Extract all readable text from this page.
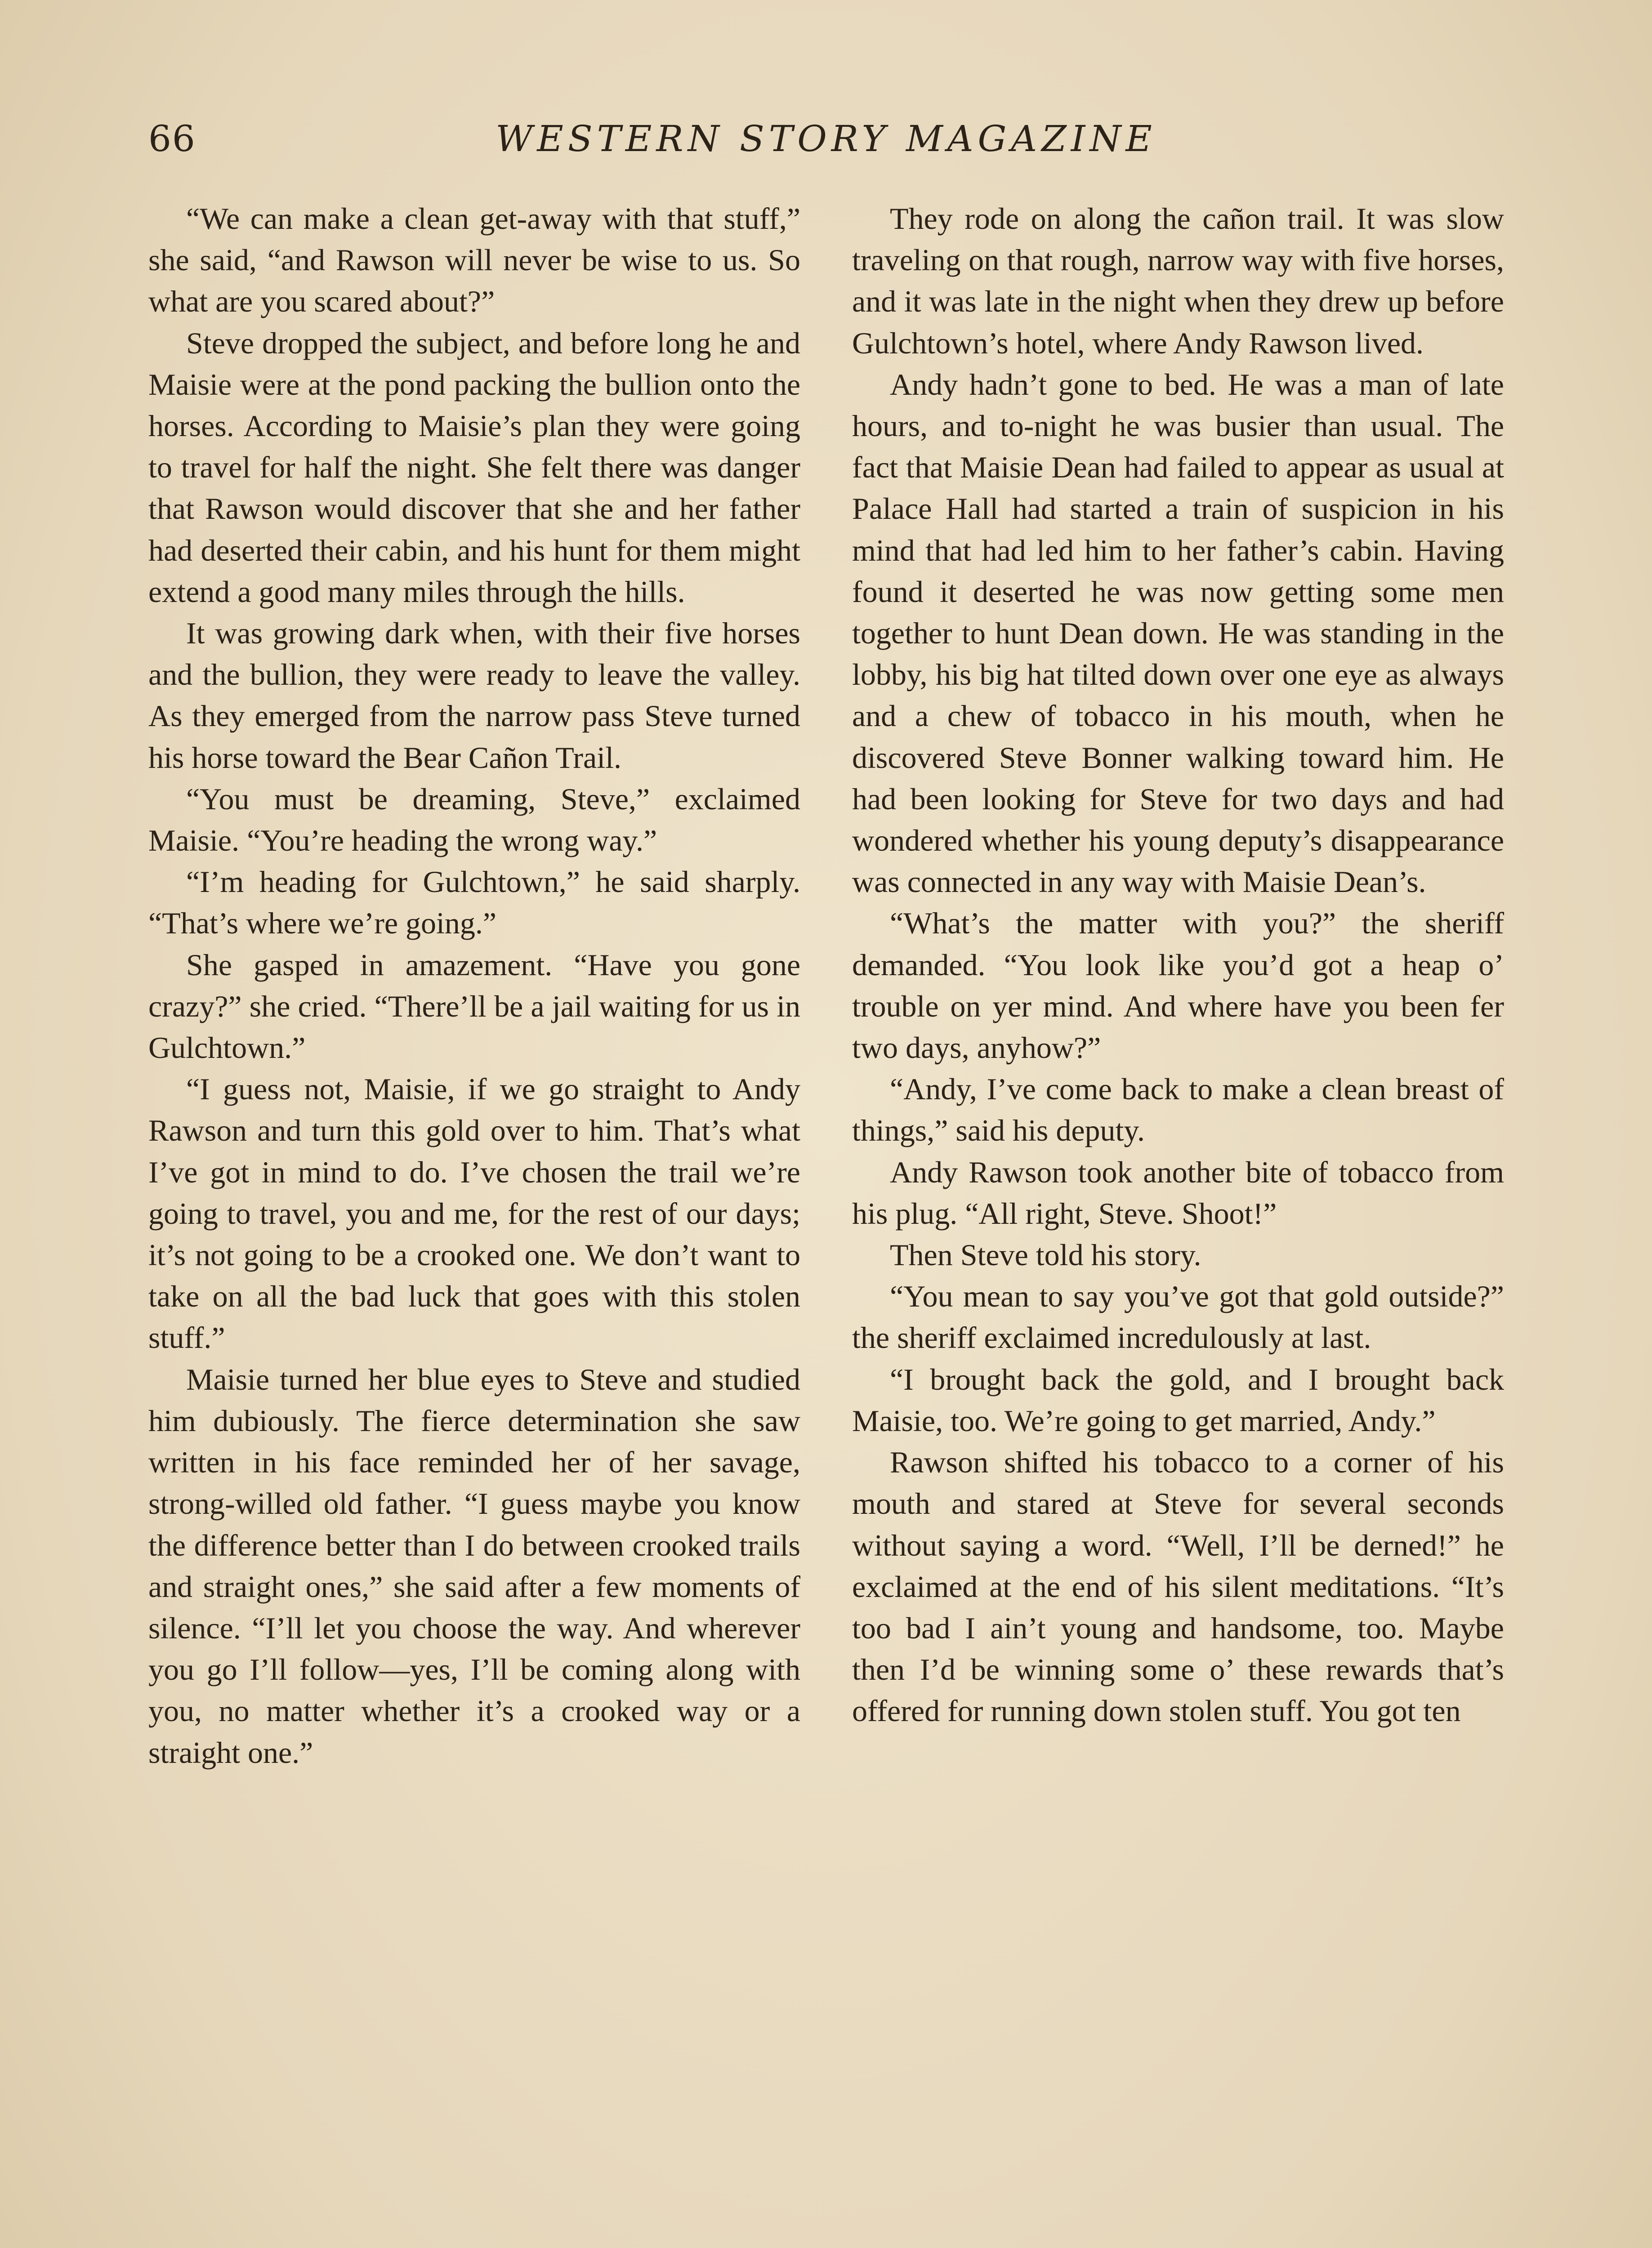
66	WESTERN STORY MAGAZINE

“We can make a clean get-away with that stuff,” she said, “and Rawson will never be wise to us. So what are you scared about?”

Steve dropped the subject, and before long he and Maisie were at the pond packing the bullion onto the horses. According to Maisie’s plan they were going to travel for half the night. She felt there was danger that Rawson would discover that she and her father had deserted their cabin, and his hunt for them might extend a good many miles through the hills.

It was growing dark when, with their five horses and the bullion, they were ready to leave the valley. As they emerged from the narrow pass Steve turned his horse toward the Bear Cañon Trail.

“You must be dreaming, Steve,” exclaimed Maisie. “You’re heading the wrong way.”

“I’m heading for Gulchtown,” he said sharply. “That’s where we’re going.”

She gasped in amazement. “Have you gone crazy?” she cried. “There’ll be a jail waiting for us in Gulchtown.”

“I guess not, Maisie, if we go straight to Andy Rawson and turn this gold over to him. That’s what I’ve got in mind to do. I’ve chosen the trail we’re going to travel, you and me, for the rest of our days; it’s not going to be a crooked one. We don’t want to take on all the bad luck that goes with this stolen stuff.”

Maisie turned her blue eyes to Steve and studied him dubiously. The fierce determination she saw written in his face reminded her of her savage, strong-willed old father. “I guess maybe you know the difference better than I do between crooked trails and straight ones,” she said after a few moments of silence. “I’ll let you choose the way. And wherever you go I’ll follow—yes, I’ll be coming along with you, no matter whether it’s a crooked way or a straight one.”

They rode on along the cañon trail. It was slow traveling on that rough, narrow way with five horses, and it was late in the night when they drew up before Gulchtown’s hotel, where Andy Rawson lived.

Andy hadn’t gone to bed. He was a man of late hours, and to-night he was busier than usual. The fact that Maisie Dean had failed to appear as usual at Palace Hall had started a train of suspicion in his mind that had led him to her father’s cabin. Having found it deserted he was now getting some men together to hunt Dean down. He was standing in the lobby, his big hat tilted down over one eye as always and a chew of tobacco in his mouth, when he discovered Steve Bonner walking toward him. He had been looking for Steve for two days and had wondered whether his young deputy’s disappearance was connected in any way with Maisie Dean’s.

“What’s the matter with you?” the sheriff demanded. “You look like you’d got a heap o’ trouble on yer mind. And where have you been fer two days, anyhow?”

“Andy, I’ve come back to make a clean breast of things,” said his deputy.

Andy Rawson took another bite of tobacco from his plug. “All right, Steve. Shoot!”

Then Steve told his story.

“You mean to say you’ve got that gold outside?” the sheriff exclaimed incredulously at last.

“I brought back the gold, and I brought back Maisie, too. We’re going to get married, Andy.”

Rawson shifted his tobacco to a corner of his mouth and stared at Steve for several seconds without saying a word. “Well, I’ll be derned!” he exclaimed at the end of his silent meditations. “It’s too bad I ain’t young and handsome, too. Maybe then I’d be winning some o’ these rewards that’s offered for running down stolen stuff. You got ten
